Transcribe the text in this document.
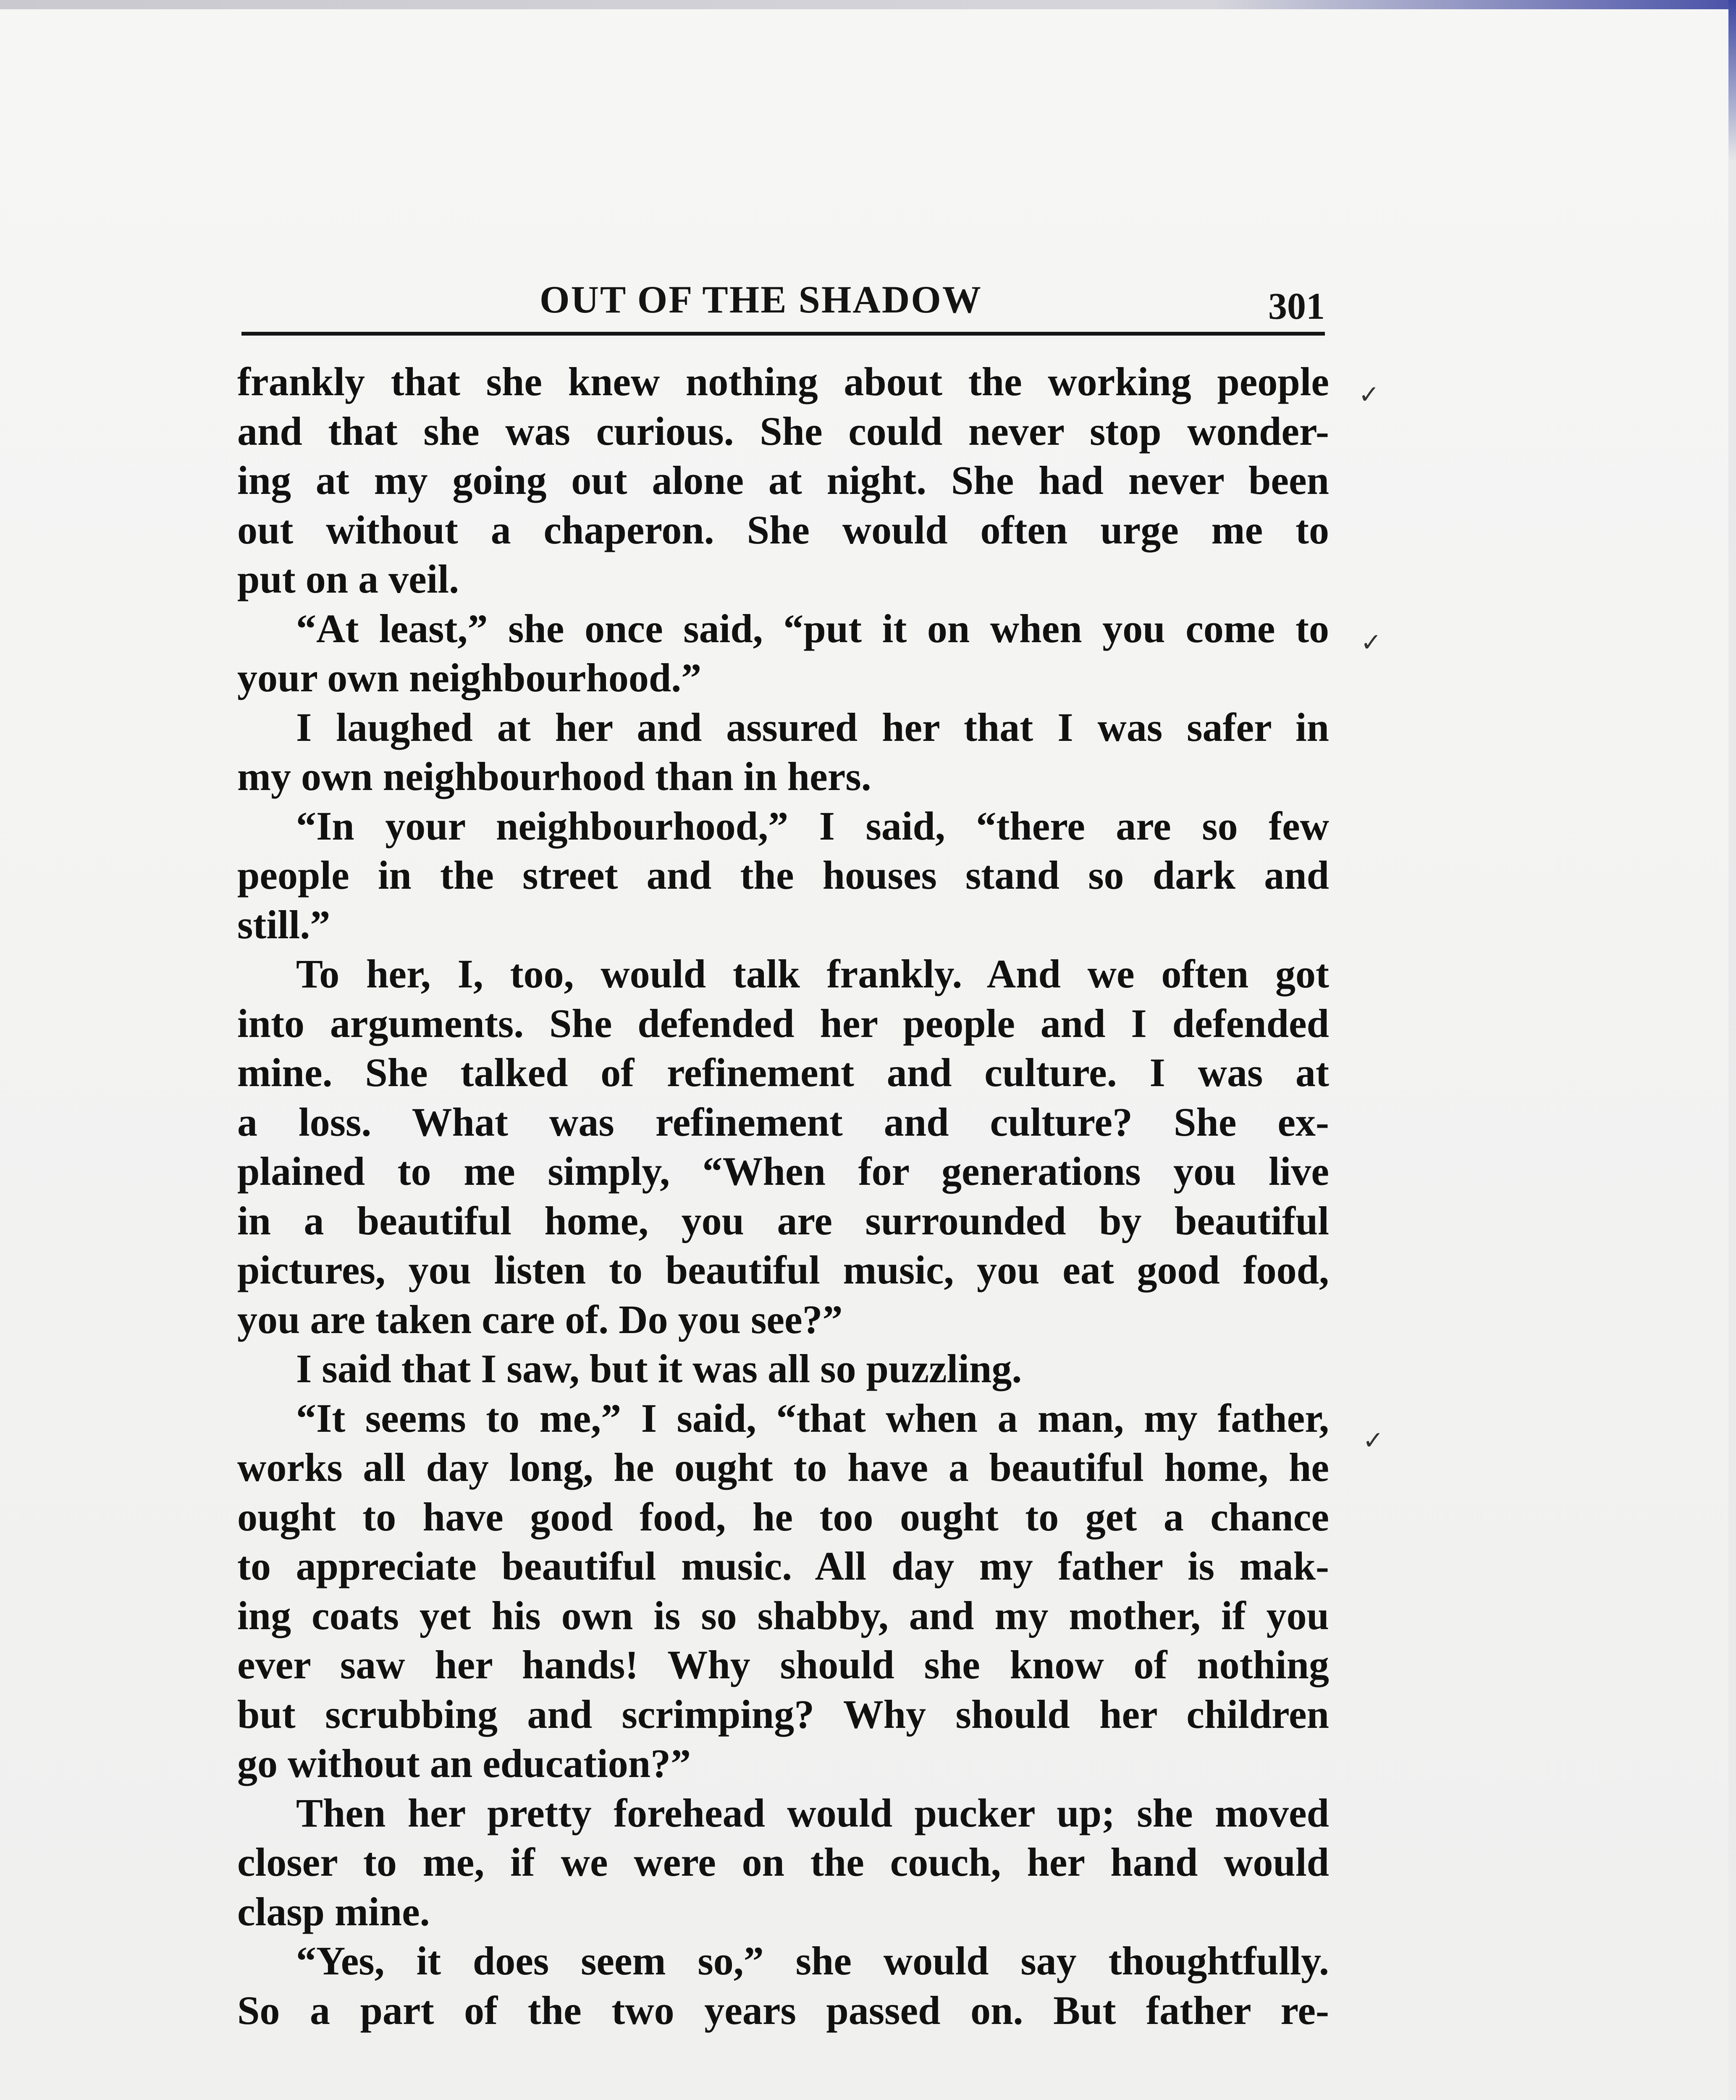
OUT OF THE SHADOW	301
frankly that she knew nothing about the working people
and that she was curious. She could never stop wonder-
ing at my going out alone at night. She had never been
out without a chaperon. She would often urge me to
put on a veil.
“At least,” she once said, “put it on when you come to
your own neighbourhood.”
I laughed at her and assured her that I was safer in
my own neighbourhood than in hers.
“In your neighbourhood,” I said, “there are so few
people in the street and the houses stand so dark and
still.”
To her, I, too, would talk frankly. And we often got
into arguments. She defended her people and I defended
mine. She talked of refinement and culture. I was at
a loss. What was refinement and culture? She ex-
plained to me simply, “When for generations you live
in a beautiful home, you are surrounded by beautiful
pictures, you listen to beautiful music, you eat good food,
you are taken care of. Do you see?”
I said that I saw, but it was all so puzzling.
“It seems to me,” I said, “that when a man, my father,
works all day long, he ought to have a beautiful home, he
ought to have good food, he too ought to get a chance
to appreciate beautiful music. All day my father is mak-
ing coats yet his own is so shabby, and my mother, if you
ever saw her hands! Why should she know of nothing
but scrubbing and scrimping? Why should her children
go without an education?”
Then her pretty forehead would pucker up; she moved
closer to me, if we were on the couch, her hand would
clasp mine.
“Yes, it does seem so,” she would say thoughtfully.
So a part of the two years passed on. But father re-
✓
✓
✓
